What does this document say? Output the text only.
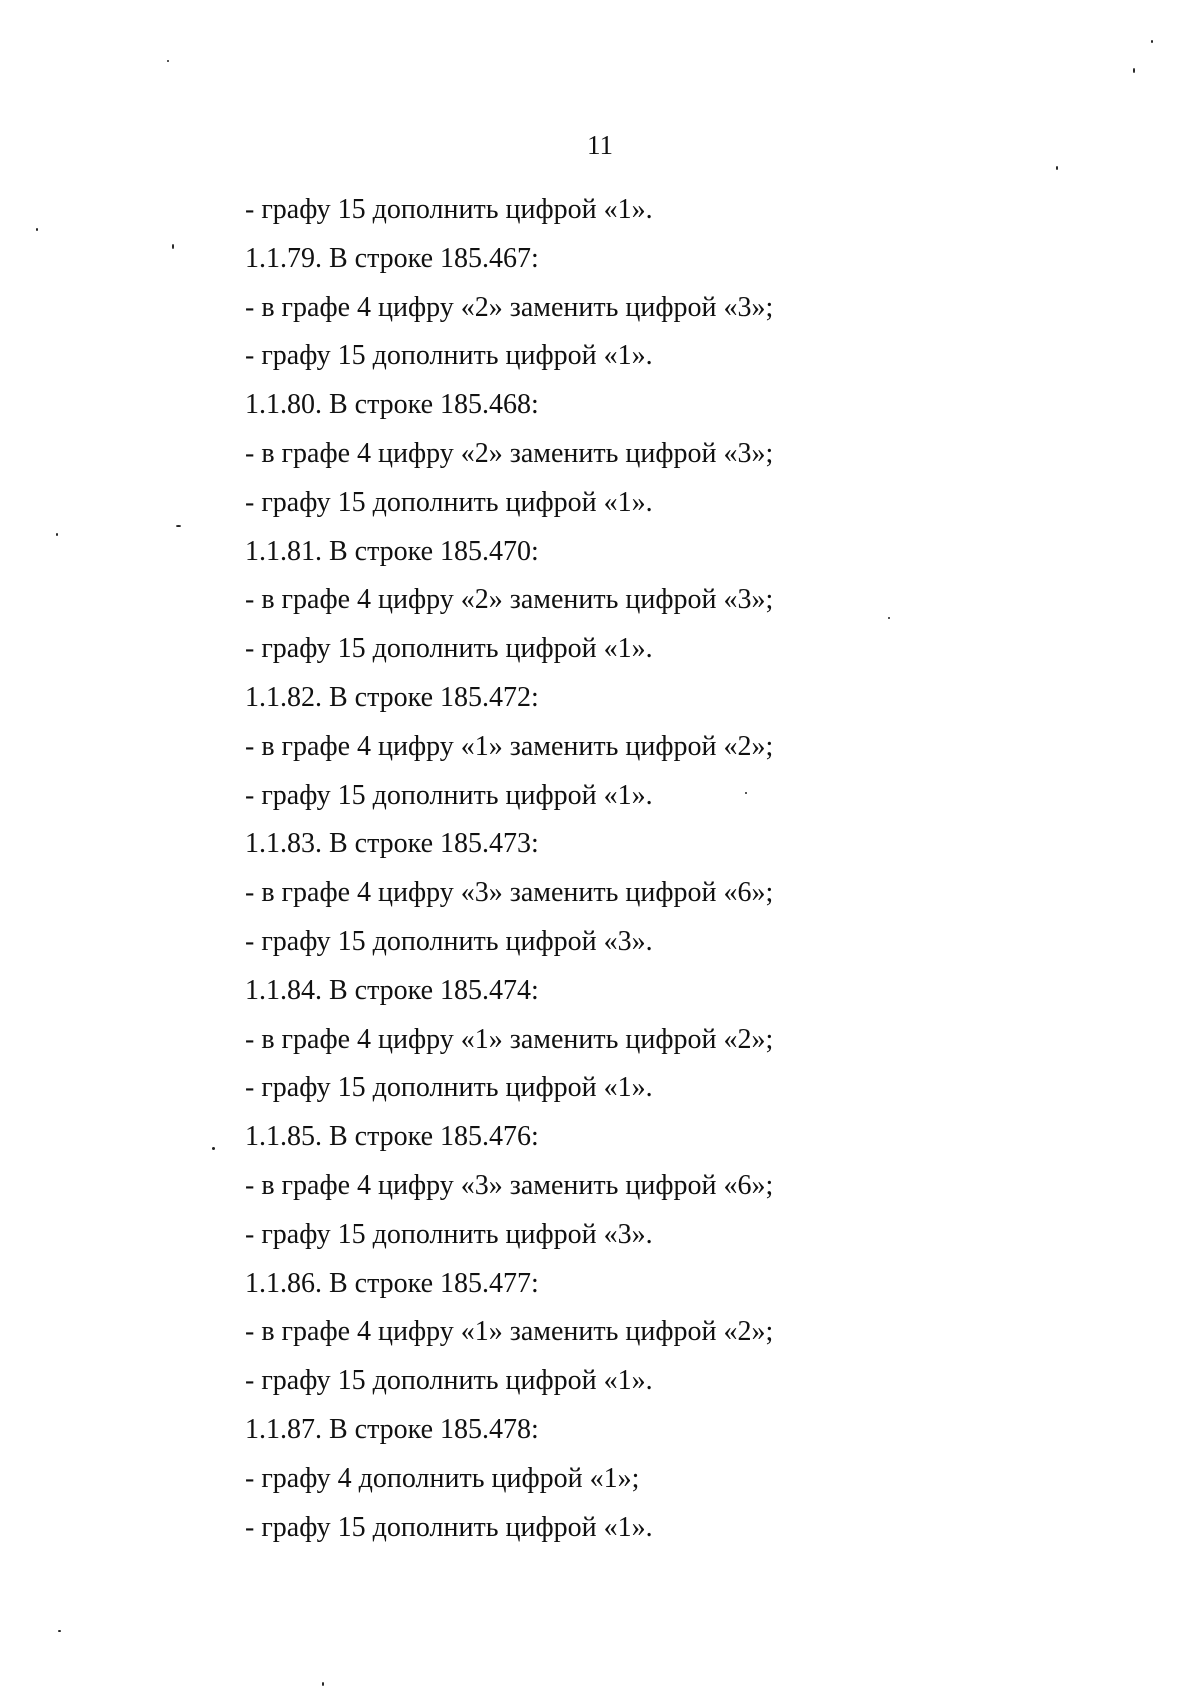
11
- графу 15 дополнить цифрой «1».
1.1.79. В строке 185.467:
- в графе 4 цифру «2» заменить цифрой «3»;
- графу 15 дополнить цифрой «1».
1.1.80. В строке 185.468:
- в графе 4 цифру «2» заменить цифрой «3»;
- графу 15 дополнить цифрой «1».
1.1.81. В строке 185.470:
- в графе 4 цифру «2» заменить цифрой «3»;
- графу 15 дополнить цифрой «1».
1.1.82. В строке 185.472:
- в графе 4 цифру «1» заменить цифрой «2»;
- графу 15 дополнить цифрой «1».
1.1.83. В строке 185.473:
- в графе 4 цифру «3» заменить цифрой «6»;
- графу 15 дополнить цифрой «3».
1.1.84. В строке 185.474:
- в графе 4 цифру «1» заменить цифрой «2»;
- графу 15 дополнить цифрой «1».
1.1.85. В строке 185.476:
- в графе 4 цифру «3» заменить цифрой «6»;
- графу 15 дополнить цифрой «3».
1.1.86. В строке 185.477:
- в графе 4 цифру «1» заменить цифрой «2»;
- графу 15 дополнить цифрой «1».
1.1.87. В строке 185.478:
- графу 4 дополнить цифрой «1»;
- графу 15 дополнить цифрой «1».
